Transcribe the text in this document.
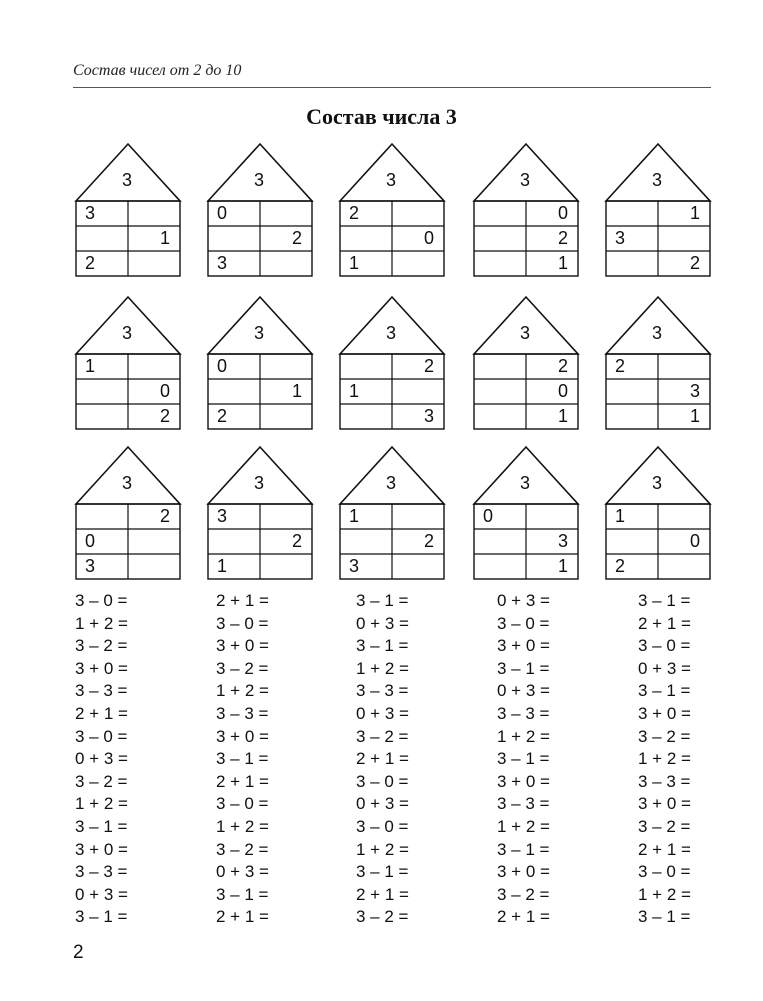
Состав чисел от 2 до 10
Состав числа 3
3
3
1
2
3
0
2
3
3
2
0
1
3
0
2
1
3
1
3
2
3
1
0
2
3
0
1
2
3
2
1
3
3
2
0
1
3
2
3
1
3
2
0
3
3
3
2
1
3
1
2
3
3
0
3
1
3
1
0
2
3 – 0 =
1 + 2 =
3 – 2 =
3 + 0 =
3 – 3 =
2 + 1 =
3 – 0 =
0 + 3 =
3 – 2 =
1 + 2 =
3 – 1 =
3 + 0 =
3 – 3 =
0 + 3 =
3 – 1 =
2 + 1 =
3 – 0 =
3 + 0 =
3 – 2 =
1 + 2 =
3 – 3 =
3 + 0 =
3 – 1 =
2 + 1 =
3 – 0 =
1 + 2 =
3 – 2 =
0 + 3 =
3 – 1 =
2 + 1 =
3 – 1 =
0 + 3 =
3 – 1 =
1 + 2 =
3 – 3 =
0 + 3 =
3 – 2 =
2 + 1 =
3 – 0 =
0 + 3 =
3 – 0 =
1 + 2 =
3 – 1 =
2 + 1 =
3 – 2 =
0 + 3 =
3 – 0 =
3 + 0 =
3 – 1 =
0 + 3 =
3 – 3 =
1 + 2 =
3 – 1 =
3 + 0 =
3 – 3 =
1 + 2 =
3 – 1 =
3 + 0 =
3 – 2 =
2 + 1 =
3 – 1 =
2 + 1 =
3 – 0 =
0 + 3 =
3 – 1 =
3 + 0 =
3 – 2 =
1 + 2 =
3 – 3 =
3 + 0 =
3 – 2 =
2 + 1 =
3 – 0 =
1 + 2 =
3 – 1 =
2
